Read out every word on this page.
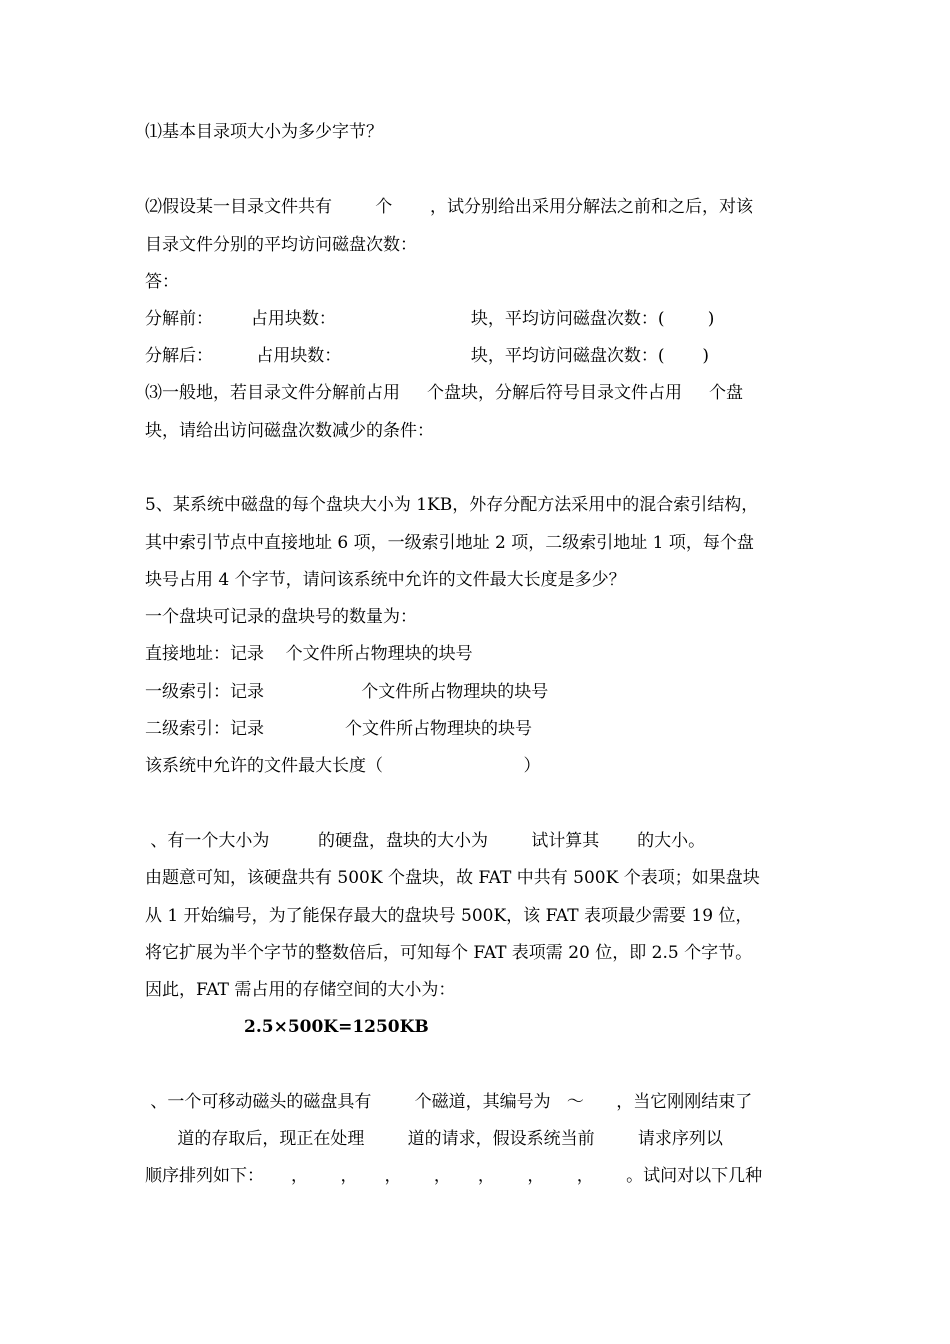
⑴基本目录项大小为多少字节？
⑵假设某一目录文件共有        个       ，试分别给出采用分解法之前和之后，对该
目录文件分别的平均访问磁盘次数：
答：
分解前：       占用块数：                         块，平均访问磁盘次数：(        )
分解后：        占用块数：                        块，平均访问磁盘次数：(       )
⑶一般地，若目录文件分解前占用     个盘块，分解后符号目录文件占用     个盘
块，请给出访问磁盘次数减少的条件：
5、某系统中磁盘的每个盘块大小为 1KB，外存分配方法采用中的混合索引结构，
其中索引节点中直接地址 6 项，一级索引地址 2 项，二级索引地址 1 项，每个盘
块号占用 4 个字节，请问该系统中允许的文件最大长度是多少？
一个盘块可记录的盘块号的数量为：
直接地址：记录    个文件所占物理块的块号
一级索引：记录                  个文件所占物理块的块号
二级索引：记录               个文件所占物理块的块号
该系统中允许的文件最大长度（                          ）
、有一个大小为         的硬盘，盘块的大小为        试计算其       的大小。
由题意可知，该硬盘共有 500K 个盘块，故 FAT 中共有 500K 个表项；如果盘块
从 1 开始编号，为了能保存最大的盘块号 500K，该 FAT 表项最少需要 19 位，
将它扩展为半个字节的整数倍后，可知每个 FAT 表项需 20 位，即 2.5 个字节。
因此，FAT 需占用的存储空间的大小为：
2.5×500K=1250KB
、一个可移动磁头的磁盘具有        个磁道，其编号为   ～      ，当它刚刚结束了
道的存取后，现正在处理        道的请求，假设系统当前        请求序列以
顺序排列如下：     ，      ，     ，      ，     ，      ，      ，      。试问对以下几种
